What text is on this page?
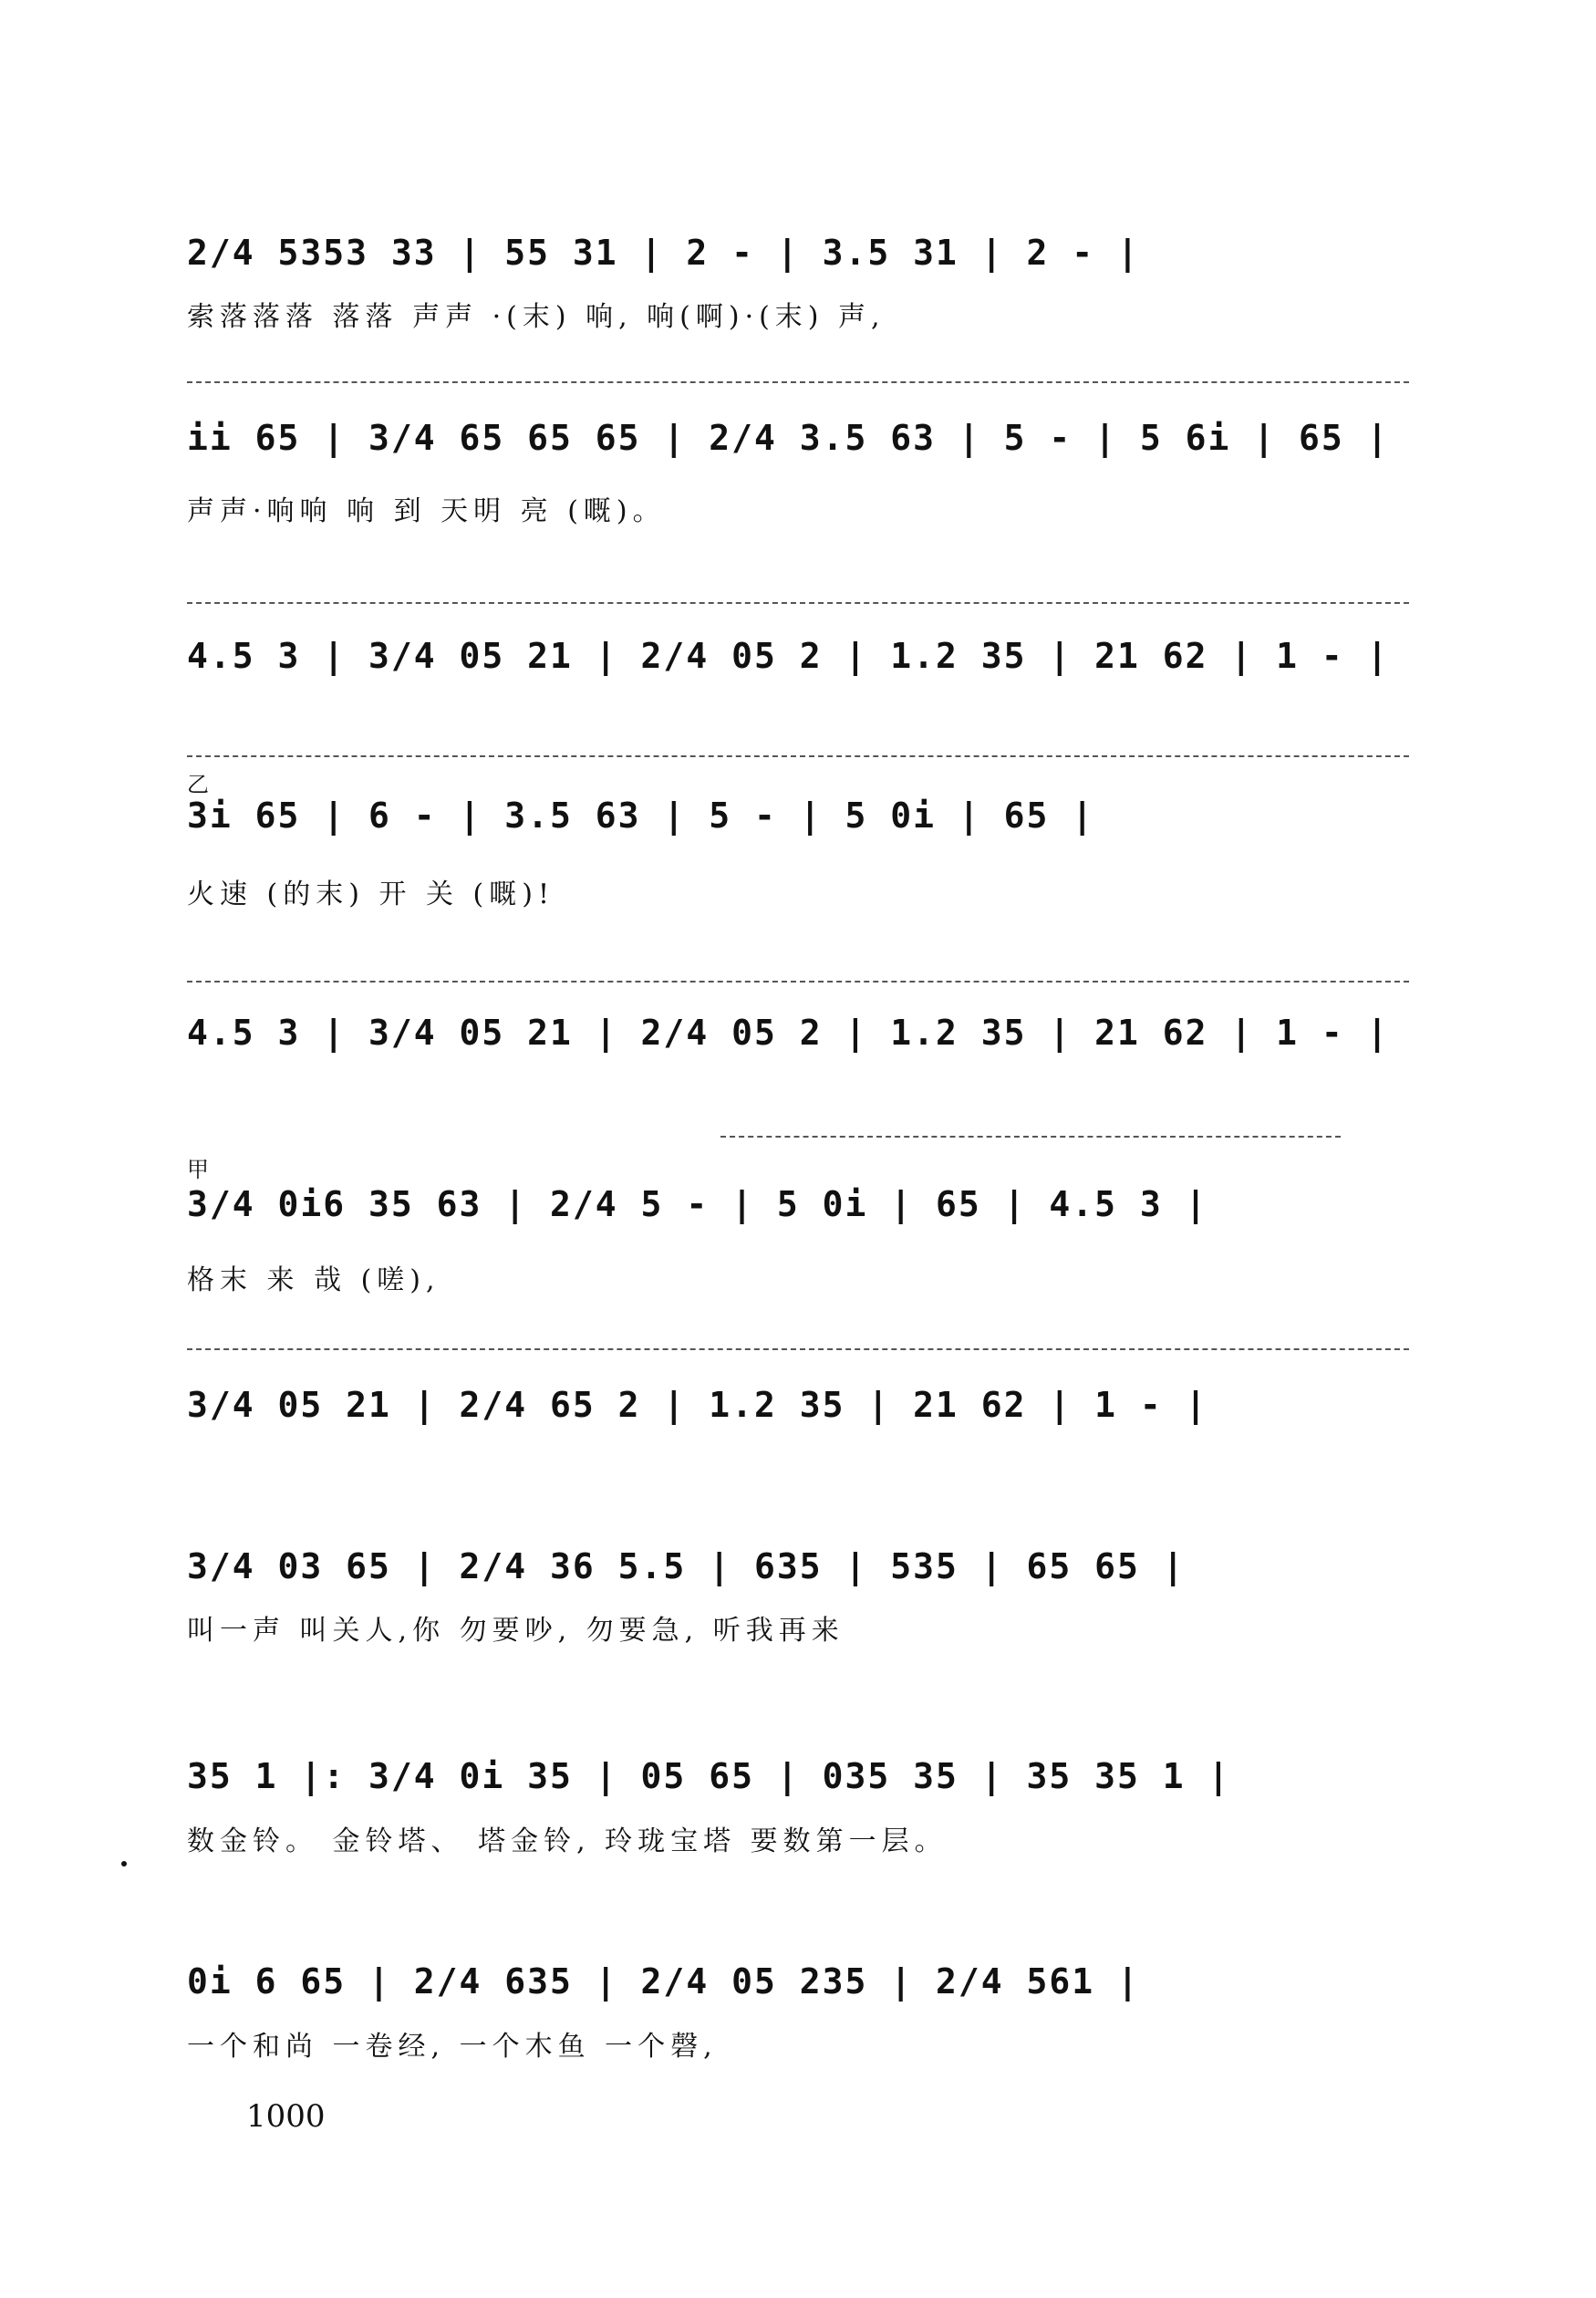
2/4 5353 33 | 55 31 | 2 - | 3.5 31 | 2 - |
索落落落 落落 声声 ·(末) 响, 响(啊)·(末) 声,
ii 65 | 3/4 65 65 65 | 2/4 3.5 63 | 5 - | 5 6i | 65 |
声声·响响 响 到 天明 亮 (嘅)。
4.5 3 | 3/4 05 21 | 2/4 05 2 | 1.2 35 | 21 62 | 1 - |
乙
3i 65 | 6 - | 3.5 63 | 5 - | 5 0i | 65 |
火速 (的末) 开 关 (嘅)!
4.5 3 | 3/4 05 21 | 2/4 05 2 | 1.2 35 | 21 62 | 1 - |
甲
3/4 0i6 35 63 | 2/4 5 - | 5 0i | 65 | 4.5 3 |
格末 来 哉 (嗟),
3/4 05 21 | 2/4 65 2 | 1.2 35 | 21 62 | 1 - |
3/4 03 65 | 2/4 36 5.5 | 635 | 535 | 65 65 |
叫一声 叫关人,你 勿要吵, 勿要急, 听我再来
35 1 |: 3/4 0i 35 | 05 65 | 035 35 | 35 35 1 |
数金铃。 金铃塔、 塔金铃, 玲珑宝塔 要数第一层。
0i 6 65 | 2/4 635 | 2/4 05 235 | 2/4 561 |
一个和尚 一卷经, 一个木鱼 一个磬,
1000
